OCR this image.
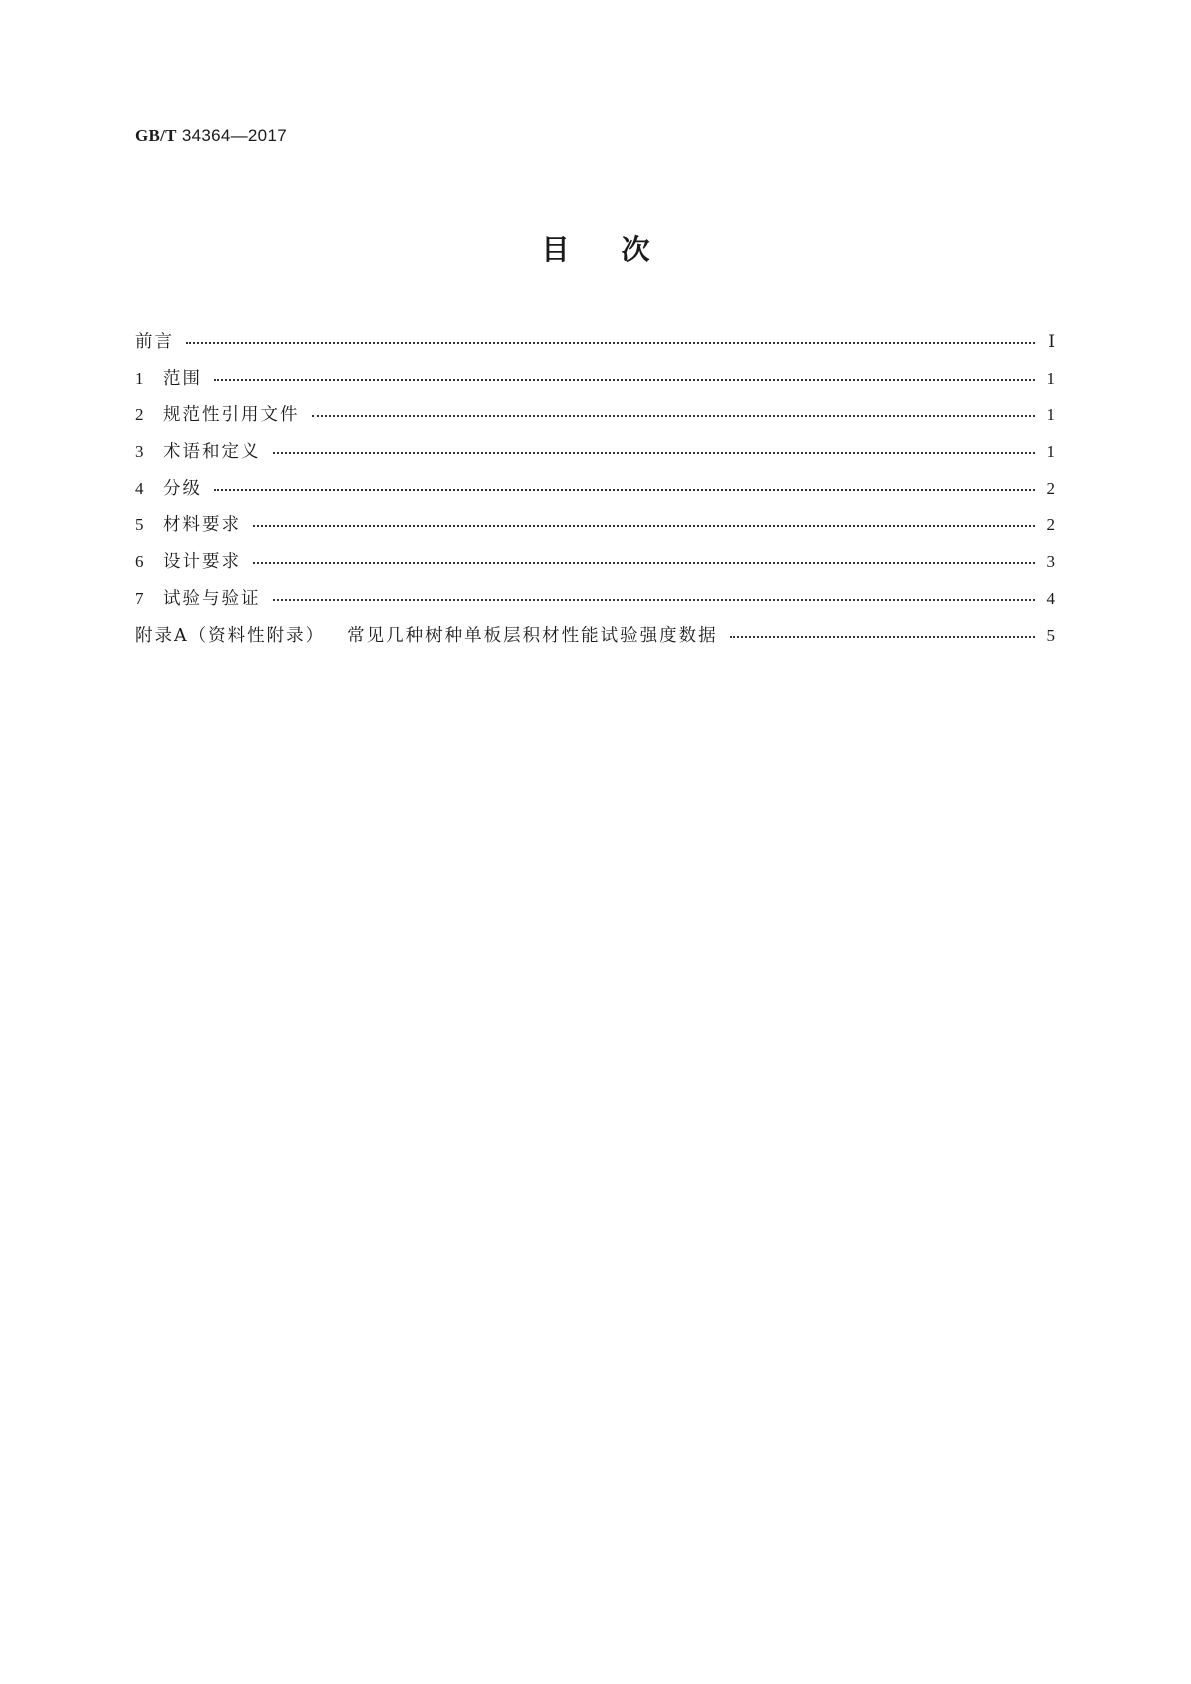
GB/T 34364—2017
目次
前言	Ⅰ
1	范围	1
2	规范性引用文件	1
3	术语和定义	1
4	分级	2
5	材料要求	2
6	设计要求	3
7	试验与验证	4
附录A（资料性附录） 常见几种树种单板层积材性能试验强度数据	5
